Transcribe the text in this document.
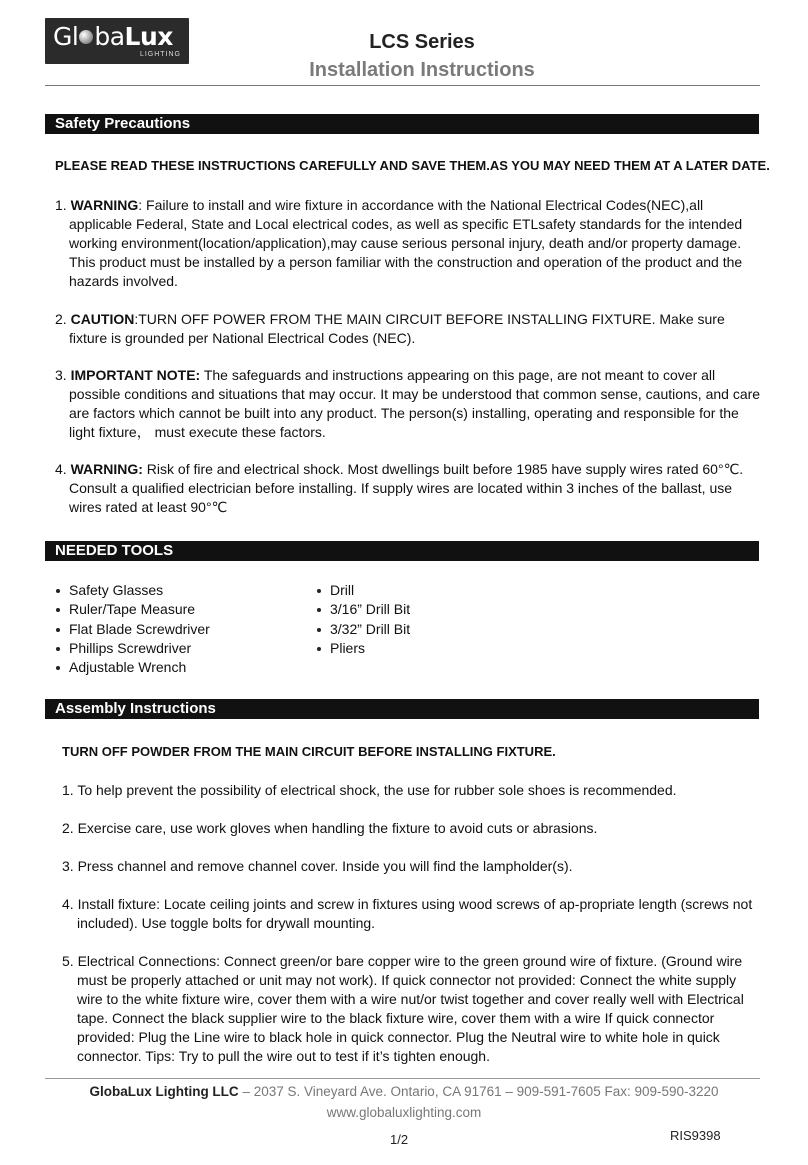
Gl baLux
LIGHTING
LCS Series
Installation Instructions
Safety Precautions
PLEASE READ THESE INSTRUCTIONS CAREFULLY AND SAVE THEM.AS YOU MAY NEED THEM AT A LATER DATE.
1. WARNING: Failure to install and wire fixture in accordance with the National Electrical Codes(NEC),all applicable Federal, State and Local electrical codes, as well as specific ETLsafety standards for the intended working environment(location/application),may cause serious personal injury, death and/or property damage. This product must be installed by a person familiar with the construction and operation of the product and the hazards involved.
2. CAUTION:TURN OFF POWER FROM THE MAIN CIRCUIT BEFORE INSTALLING FIXTURE. Make sure fixture is grounded per National Electrical Codes (NEC).
3. IMPORTANT NOTE: The safeguards and instructions appearing on this page, are not meant to cover all possible conditions and situations that may occur. It may be understood that common sense, cautions, and care are factors which cannot be built into any product. The person(s) installing, operating and responsible for the light fixture， must execute these factors.
4. WARNING: Risk of fire and electrical shock. Most dwellings built before 1985 have supply wires rated 60°℃. Consult a qualified electrician before installing. If supply wires are located within 3 inches of the ballast, use wires rated at least 90°℃
NEEDED TOOLS
Safety Glasses
Ruler/Tape Measure
Flat Blade Screwdriver
Phillips Screwdriver
Adjustable Wrench
Drill
3/16” Drill Bit
3/32” Drill Bit
Pliers
Assembly Instructions
TURN OFF POWDER FROM THE MAIN CIRCUIT BEFORE INSTALLING FIXTURE.
1. To help prevent the possibility of electrical shock, the use for rubber sole shoes is recommended.
2. Exercise care, use work gloves when handling the fixture to avoid cuts or abrasions.
3. Press channel and remove channel cover. Inside you will find the lampholder(s).
4. Install fixture: Locate ceiling joints and screw in fixtures using wood screws of ap-propriate length (screws not included). Use toggle bolts for drywall mounting.
5. Electrical Connections: Connect green/or bare copper wire to the green ground wire of fixture. (Ground wire must be properly attached or unit may not work). If quick connector not provided: Connect the white supply wire to the white fixture wire, cover them with a wire nut/or twist together and cover really well with Electrical tape. Connect the black supplier wire to the black fixture wire, cover them with a wire If quick connector provided: Plug the Line wire to black hole in quick connector. Plug the Neutral wire to white hole in quick connector. Tips: Try to pull the wire out to test if it’s tighten enough.
GlobaLux Lighting LLC – 2037 S. Vineyard Ave. Ontario, CA 91761 – 909-591-7605 Fax: 909-590-3220
www.globaluxlighting.com
1/2	RIS9398
